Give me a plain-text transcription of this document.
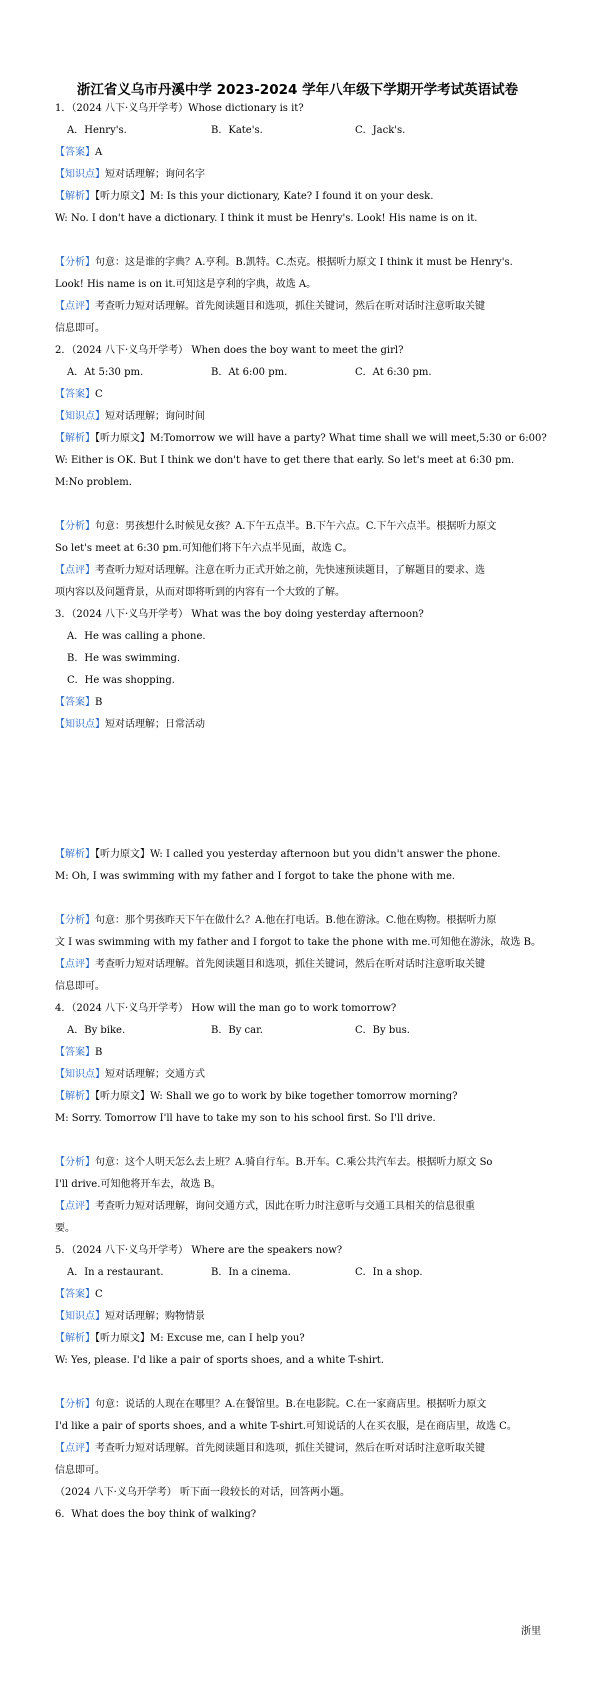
浙江省义乌市丹溪中学 2023-2024 学年八年级下学期开学考试英语试卷
1．（2024 八下·义乌开学考）Whose dictionary is it?
A．Henry's.	B．Kate's.	C．Jack's.
【答案】A
【知识点】短对话理解；询问名字
【解析】【听力原文】M: Is this your dictionary, Kate? I found it on your desk.
W: No. I don't have a dictionary. I think it must be Henry's. Look! His name is on it.
【分析】句意：这是谁的字典？A.亨利。B.凯特。C.杰克。根据听力原文 I think it must be Henry's.
Look! His name is on it.可知这是亨利的字典，故选 A。
【点评】考查听力短对话理解。首先阅读题目和选项，抓住关键词，然后在听对话时注意听取关键
信息即可。
2．（2024 八下·义乌开学考） When does the boy want to meet the girl?
A．At 5:30 pm.	B．At 6:00 pm.	C．At 6:30 pm.
【答案】C
【知识点】短对话理解；询问时间
【解析】【听力原文】M:Tomorrow we will have a party? What time shall we will meet,5:30 or 6:00?
W: Either is OK. But I think we don't have to get there that early. So let's meet at 6:30 pm.
M:No problem.
【分析】句意：男孩想什么时候见女孩？A.下午五点半。B.下午六点。C.下午六点半。根据听力原文
So let's meet at 6:30 pm.可知他们将下午六点半见面，故选 C。
【点评】考查听力短对话理解。注意在听力正式开始之前，先快速预读题目，了解题目的要求、选
项内容以及问题背景，从而对即将听到的内容有一个大致的了解。
3．（2024 八下·义乌开学考） What was the boy doing yesterday afternoon?
A．He was calling a phone.
B．He was swimming.
C．He was shopping.
【答案】B
【知识点】短对话理解；日常活动
【解析】【听力原文】W: I called you yesterday afternoon but you didn't answer the phone.
M: Oh, I was swimming with my father and I forgot to take the phone with me.
【分析】句意：那个男孩昨天下午在做什么？A.他在打电话。B.他在游泳。C.他在购物。根据听力原
文 I was swimming with my father and I forgot to take the phone with me.可知他在游泳，故选 B。
【点评】考查听力短对话理解。首先阅读题目和选项，抓住关键词，然后在听对话时注意听取关键
信息即可。
4．（2024 八下·义乌开学考） How will the man go to work tomorrow?
A．By bike.	B．By car.	C．By bus.
【答案】B
【知识点】短对话理解；交通方式
【解析】【听力原文】W: Shall we go to work by bike together tomorrow morning?
M: Sorry. Tomorrow I'll have to take my son to his school first. So I'll drive.
【分析】句意：这个人明天怎么去上班？A.骑自行车。B.开车。C.乘公共汽车去。根据听力原文 So
I'll drive.可知他将开车去，故选 B。
【点评】考查听力短对话理解，询问交通方式，因此在听力时注意听与交通工具相关的信息很重
要。
5．（2024 八下·义乌开学考） Where are the speakers now?
A．In a restaurant.	B．In a cinema.	C．In a shop.
【答案】C
【知识点】短对话理解；购物情景
【解析】【听力原文】M: Excuse me, can I help you?
W: Yes, please. I'd like a pair of sports shoes, and a white T-shirt.
【分析】句意：说话的人现在在哪里？A.在餐馆里。B.在电影院。C.在一家商店里。根据听力原文
I'd like a pair of sports shoes, and a white T-shirt.可知说话的人在买衣服，是在商店里，故选 C。
【点评】考查听力短对话理解。首先阅读题目和选项，抓住关键词，然后在听对话时注意听取关键
信息即可。
（2024 八下·义乌开学考） 听下面一段较长的对话，回答两小题。
6．What does the boy think of walking?
浙里
